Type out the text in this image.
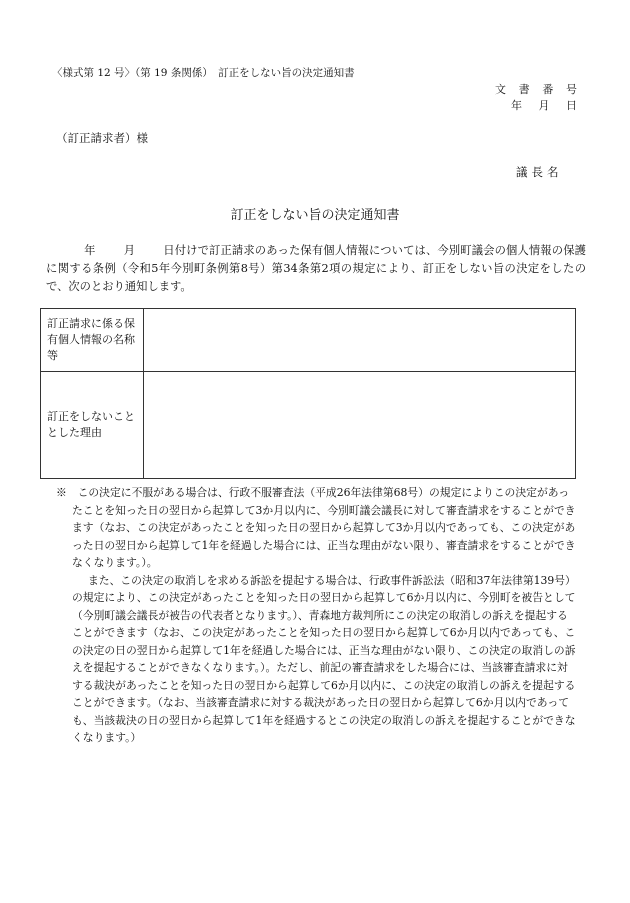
〈様式第 12 号〉（第 19 条関係）　訂正をしない旨の決定通知書
文 書 番 号
年 月 日
（訂正請求者）様
議長名
訂正をしない旨の決定通知書
年 月 日付けで訂正請求のあった保有個人情報については、今別町議会の個人情報の保護に関する条例（令和5年今別町条例第8号）第34条第2項の規定により、訂正をしない旨の決定をしたので、次のとおり通知します。
訂正請求に係る保有個人情報の名称等	
訂正をしないこととした理由	

※　この決定に不服がある場合は、行政不服審査法（平成26年法律第68号）の規定によりこの決定があったことを知った日の翌日から起算して3か月以内に、今別町議会議長に対して審査請求をすることができます（なお、この決定があったことを知った日の翌日から起算して3か月以内であっても、この決定があった日の翌日から起算して1年を経過した場合には、正当な理由がない限り、審査請求をすることができなくなります。）。

また、この決定の取消しを求める訴訟を提起する場合は、行政事件訴訟法（昭和37年法律第139号）の規定により、この決定があったことを知った日の翌日から起算して6か月以内に、今別町を被告として（今別町議会議長が被告の代表者となります。）、青森地方裁判所にこの決定の取消しの訴えを提起することができます（なお、この決定があったことを知った日の翌日から起算して6か月以内であっても、この決定の日の翌日から起算して1年を経過した場合には、正当な理由がない限り、この決定の取消しの訴えを提起することができなくなります。）。ただし、前記の審査請求をした場合には、当該審査請求に対する裁決があったことを知った日の翌日から起算して6か月以内に、この決定の取消しの訴えを提起することができます。（なお、当該審査請求に対する裁決があった日の翌日から起算して6か月以内であっても、当該裁決の日の翌日から起算して1年を経過するとこの決定の取消しの訴えを提起することができなくなります。）
